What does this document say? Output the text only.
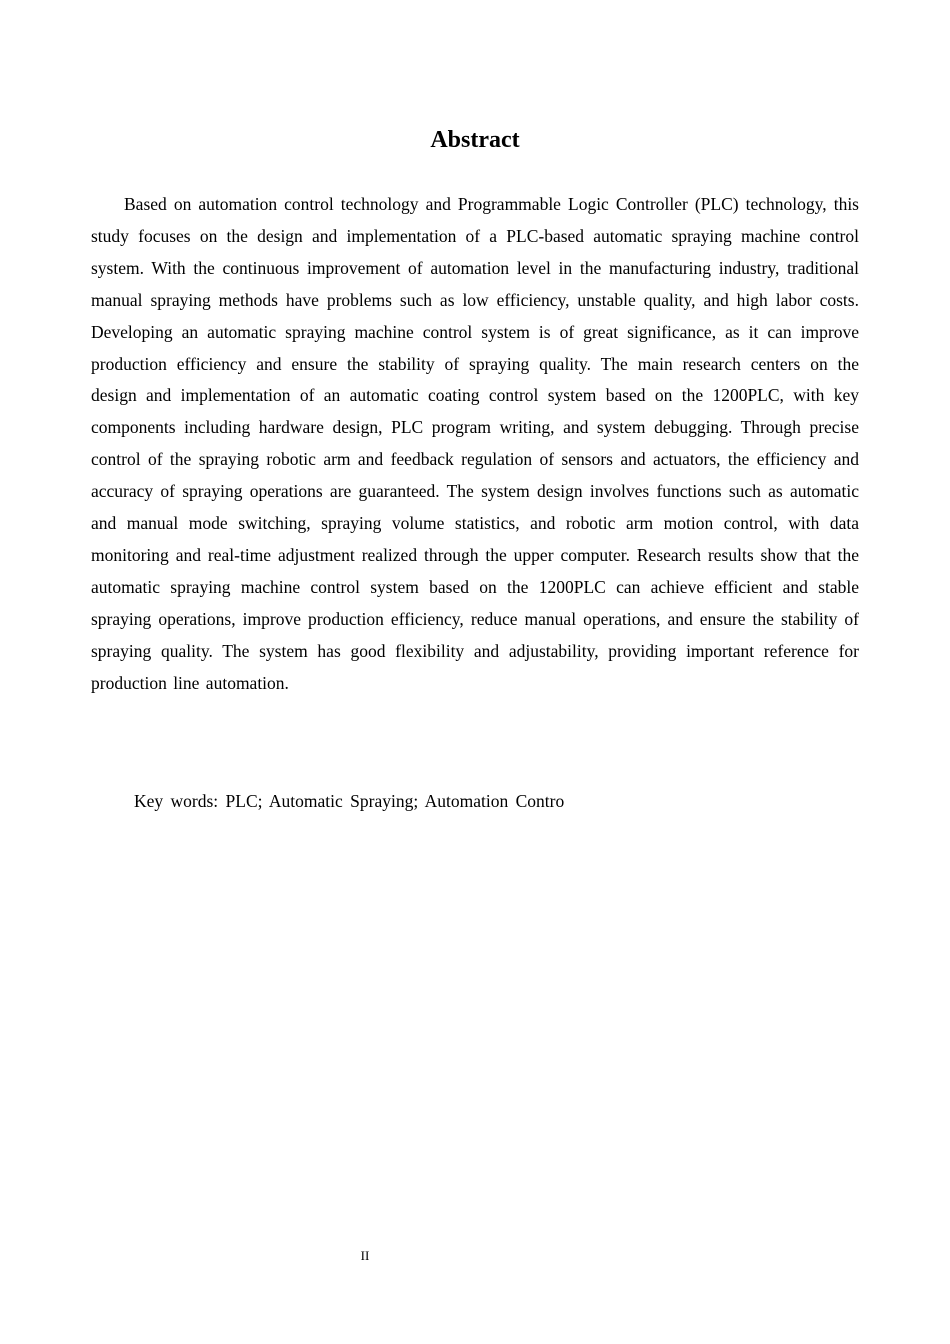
Abstract

Based on automation control technology and Programmable Logic Controller (PLC) technology, this study focuses on the design and implementation of a PLC-based automatic spraying machine control system. With the continuous improvement of automation level in the manufacturing industry, traditional manual spraying methods have problems such as low efficiency, unstable quality, and high labor costs. Developing an automatic spraying machine control system is of great significance, as it can improve production efficiency and ensure the stability of spraying quality. The main research centers on the design and implementation of an automatic coating control system based on the 1200PLC, with key components including hardware design, PLC program writing, and system debugging. Through precise control of the spraying robotic arm and feedback regulation of sensors and actuators, the efficiency and accuracy of spraying operations are guaranteed. The system design involves functions such as automatic and manual mode switching, spraying volume statistics, and robotic arm motion control, with data monitoring and real-time adjustment realized through the upper computer. Research results show that the automatic spraying machine control system based on the 1200PLC can achieve efficient and stable spraying operations, improve production efficiency, reduce manual operations, and ensure the stability of spraying quality. The system has good flexibility and adjustability, providing important reference for production line automation.

Key words: PLC; Automatic Spraying; Automation Contro

II
